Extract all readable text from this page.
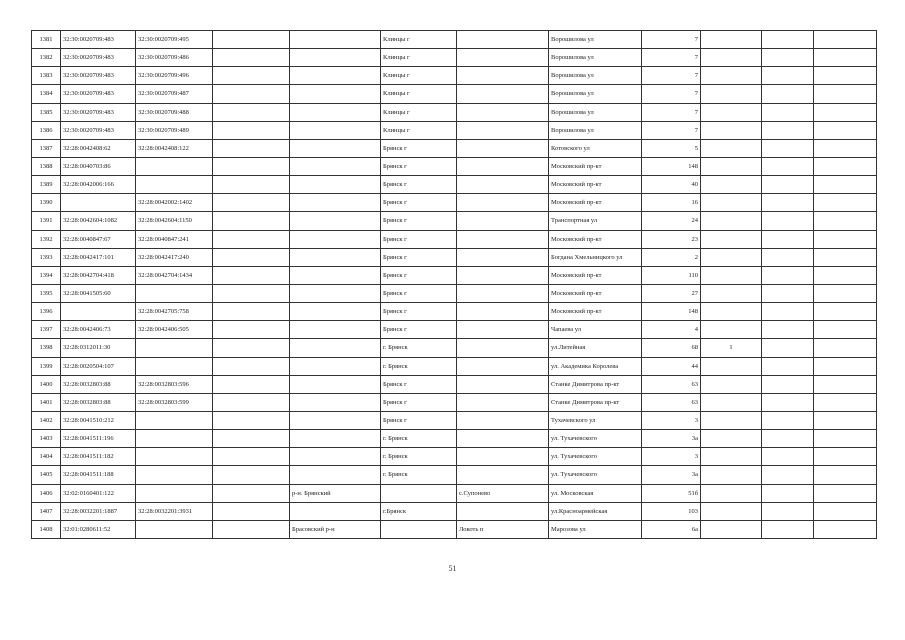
1381	32:30:0020709:483	32:30:0020709:495			Клинцы г		Ворошилова ул	7			
1382	32:30:0020709:483	32:30:0020709:486			Клинцы г		Ворошилова ул	7			
1383	32:30:0020709:483	32:30:0020709:496			Клинцы г		Ворошилова ул	7			
1384	32:30:0020709:483	32:30:0020709:487			Клинцы г		Ворошилова ул	7			
1385	32:30:0020709:483	32:30:0020709:488			Клинцы г		Ворошилова ул	7			
1386	32:30:0020709:483	32:30:0020709:489			Клинцы г		Ворошилова ул	7			
1387	32:28:0042408:62	32:28:0042408:122			Брянск г		Котовского ул	5			
1388	32:28:0040703:86				Брянск г		Московский пр-кт	148			
1389	32:28:0042006:166				Брянск г		Московский пр-кт	40			
1390		32:28:0042002:1402			Брянск г		Московский пр-кт	16			
1391	32:28:0042604:1082	32:28:0042604:1150			Брянск г		Транспортная ул	24			
1392	32:28:0040847:67	32:28:0040847:241			Брянск г		Московский пр-кт	23			
1393	32:28:0042417:101	32:28:0042417:240			Брянск г		Богдана Хмельницкого ул	2			
1394	32:28:0042704:418	32:28:0042704:1434			Брянск г		Московский пр-кт	110			
1395	32:28:0041505:60				Брянск г		Московский пр-кт	27			
1396		32:28:0042705:758			Брянск г		Московский пр-кт	148			
1397	32:28:0042406:73	32:28:0042406:505			Брянск г		Чапаева ул	4			
1398	32:28:0312011:30				г. Брянск		ул.Литейная	68	1		
1399	32:28:0020504:107				г. Брянск		ул. Академика Королева	44			
1400	32:28:0032803:88	32:28:0032803:596			Брянск г		Станке Димитрова пр-кт	63			
1401	32:28:0032803:88	32:28:0032803:599			Брянск г		Станке Димитрова пр-кт	63			
1402	32:28:0041510:212				Брянск г		Тухачевского ул	3			
1403	32:28:0041511:196				г. Брянск		ул. Тухачевского	3а			
1404	32:28:0041511:182				г. Брянск		ул. Тухачевского	3			
1405	32:28:0041511:188				г. Брянск		ул. Тухачевского	3а			
1406	32:02:0160401:122			р-н. Брянский		с.Супонево	ул. Московская	51б			
1407	32:28:0032201:1887	32:28:0032201:3931			г.Брянск		ул.Красноармейская	103			
1408	32:01:0280611:52			Брасовский р-н		Локоть п	Марозова ул	6а			
51
